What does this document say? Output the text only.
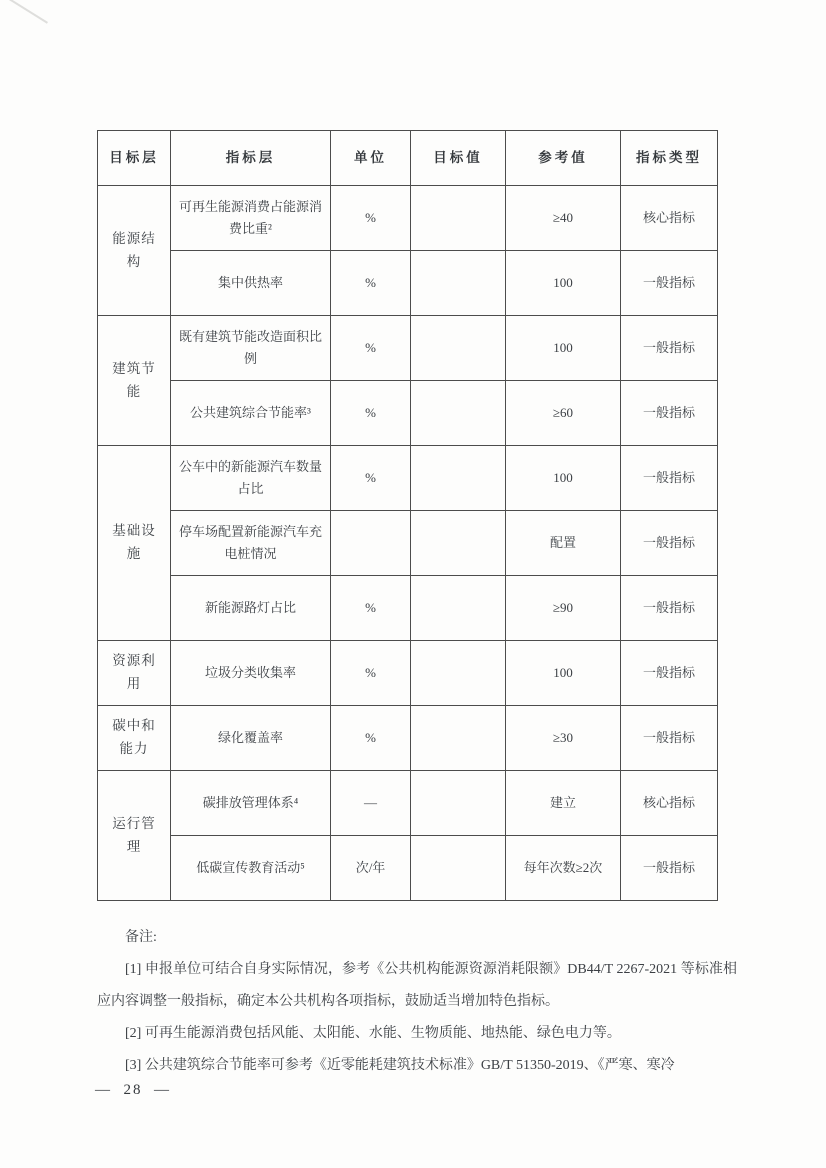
目标层	指标层	单位	目标值	参考值	指标类型
能源结构	可再生能源消费占能源消费比重²	%		≥40	核心指标
	集中供热率	%		100	一般指标
建筑节能	既有建筑节能改造面积比例	%		100	一般指标
	公共建筑综合节能率³	%		≥60	一般指标
基础设施	公车中的新能源汽车数量占比	%		100	一般指标
	停车场配置新能源汽车充电桩情况			配置	一般指标
	新能源路灯占比	%		≥90	一般指标
资源利用	垃圾分类收集率	%		100	一般指标
碳中和能力	绿化覆盖率	%		≥30	一般指标
运行管理	碳排放管理体系⁴	—		建立	核心指标
	低碳宣传教育活动⁵	次/年		每年次数≥2次	一般指标

备注:

[1] 申报单位可结合自身实际情况，参考《公共机构能源资源消耗限额》DB44/T 2267-2021 等标准相应内容调整一般指标，确定本公共机构各项指标，鼓励适当增加特色指标。

[2] 可再生能源消费包括风能、太阳能、水能、生物质能、地热能、绿色电力等。

[3] 公共建筑综合节能率可参考《近零能耗建筑技术标准》GB/T 51350-2019、《严寒、寒冷

—  28  —
